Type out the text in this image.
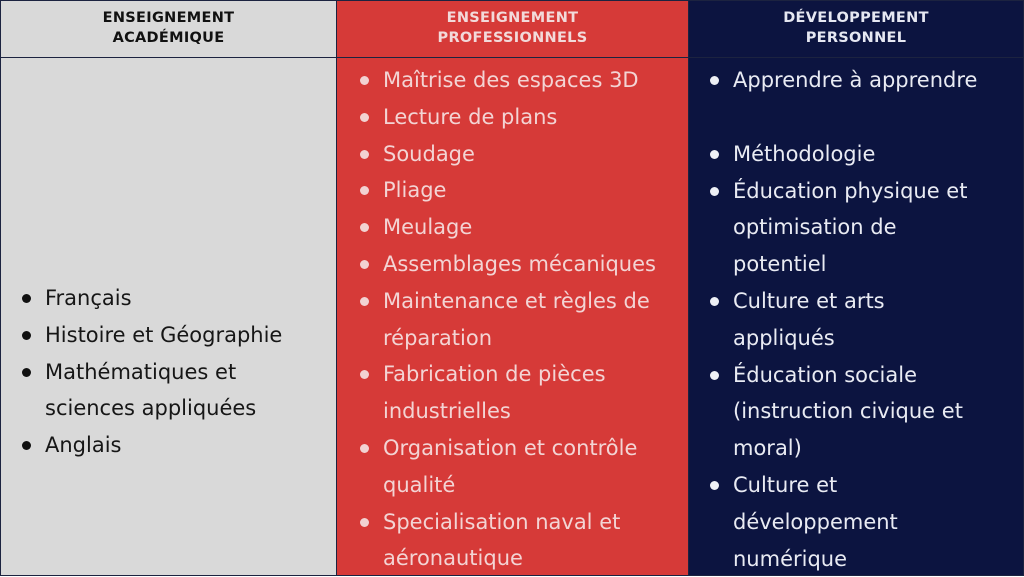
ENSEIGNEMENT
ACADÉMIQUE
ENSEIGNEMENT
PROFESSIONNELS
DÉVELOPPEMENT
PERSONNEL
Français
Histoire et Géographie
Mathématiques et
sciences appliquées
Anglais
Maîtrise des espaces 3D
Lecture de plans
Soudage
Pliage
Meulage
Assemblages mécaniques
Maintenance et règles de
réparation
Fabrication de pièces
industrielles
Organisation et contrôle
qualité
Specialisation naval et
aéronautique
Apprendre à apprendre
Méthodologie
Éducation physique et
optimisation de
potentiel
Culture et arts
appliqués
Éducation sociale
(instruction civique et
moral)
Culture et
développement
numérique
